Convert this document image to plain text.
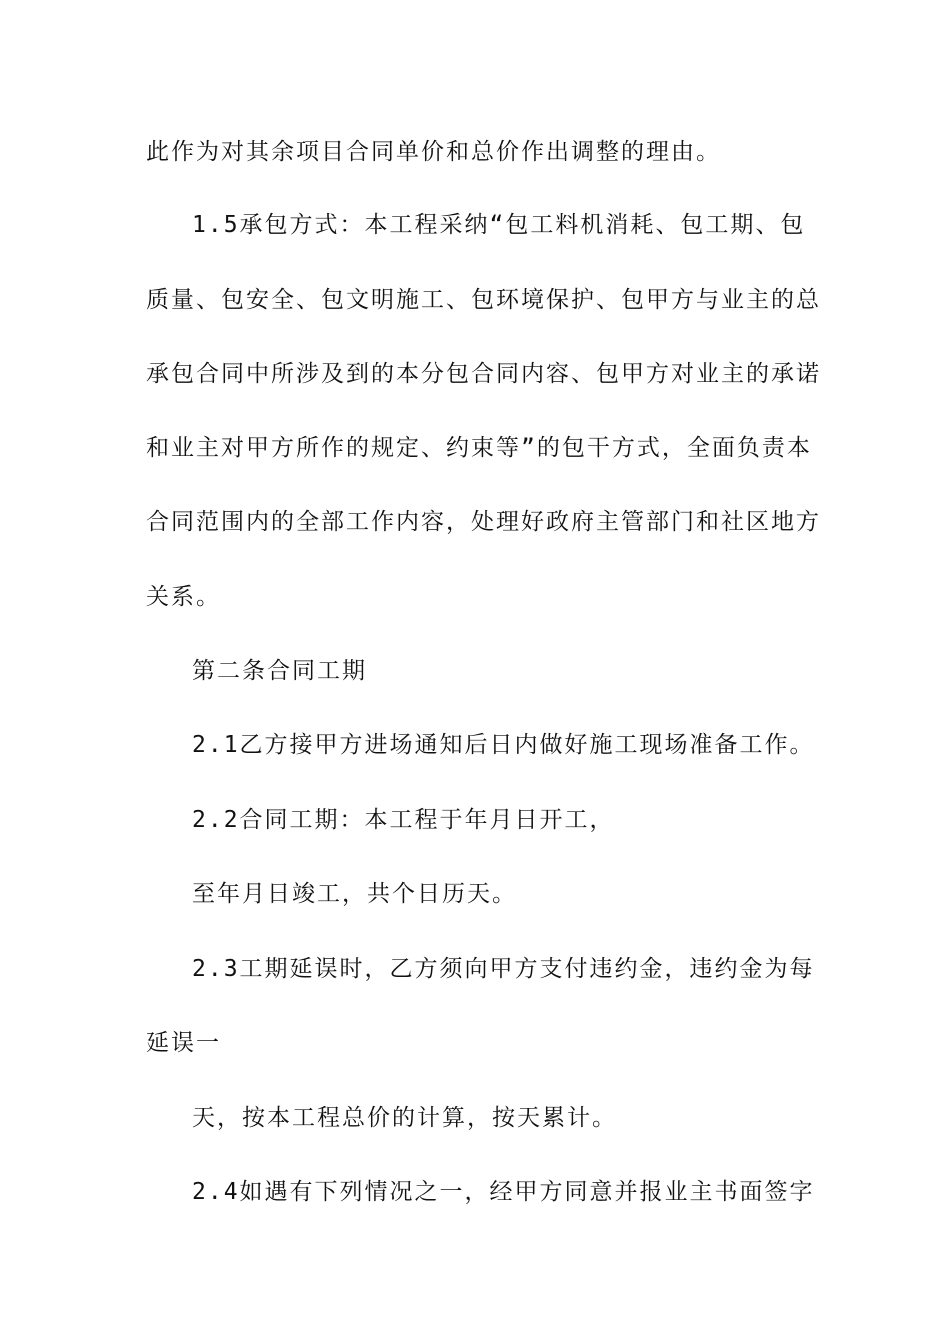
此作为对其余项目合同单价和总价作出调整的理由。
1.5承包方式：本工程采纳“包工料机消耗、包工期、包
质量、包安全、包文明施工、包环境保护、包甲方与业主的总
承包合同中所涉及到的本分包合同内容、包甲方对业主的承诺
和业主对甲方所作的规定、约束等”的包干方式，全面负责本
合同范围内的全部工作内容，处理好政府主管部门和社区地方
关系。
第二条合同工期
2.1乙方接甲方进场通知后日内做好施工现场准备工作。
2.2合同工期：本工程于年月日开工，
至年月日竣工，共个日历天。
2.3工期延误时，乙方须向甲方支付违约金，违约金为每
延误一
天，按本工程总价的计算，按天累计。
2.4如遇有下列情况之一，经甲方同意并报业主书面签字
